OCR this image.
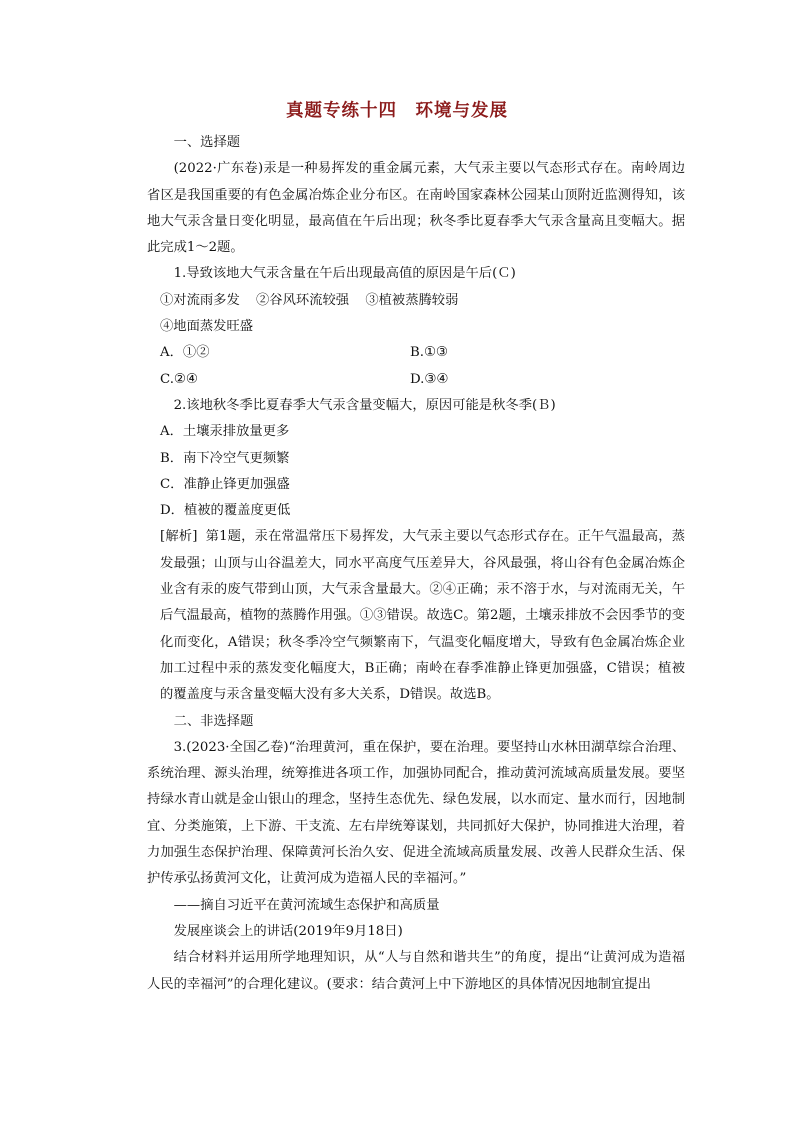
真题专练十四　环境与发展

一、选择题

(2022·广东卷)汞是一种易挥发的重金属元素，大气汞主要以气态形式存在。南岭周边省区是我国重要的有色金属冶炼企业分布区。在南岭国家森林公园某山顶附近监测得知，该地大气汞含量日变化明显，最高值在午后出现；秋冬季比夏春季大气汞含量高且变幅大。据此完成1～2题。

1.导致该地大气汞含量在午后出现最高值的原因是午后(Ｃ)

①对流雨多发 ②谷风环流较强 ③植被蒸腾较弱

④地面蒸发旺盛

A．①②	B.①③

C.②④	D.③④

2.该地秋冬季比夏春季大气汞含量变幅大，原因可能是秋冬季(Ｂ)

A．土壤汞排放量更多

B．南下冷空气更频繁

C．准静止锋更加强盛

D．植被的覆盖度更低

[解析] 第1题，汞在常温常压下易挥发，大气汞主要以气态形式存在。正午气温最高，蒸发最强；山顶与山谷温差大，同水平高度气压差异大，谷风最强，将山谷有色金属冶炼企业含有汞的废气带到山顶，大气汞含量最大。②④正确；汞不溶于水，与对流雨无关，午后气温最高，植物的蒸腾作用强。①③错误。故选C。第2题，土壤汞排放不会因季节的变化而变化，A错误；秋冬季冷空气频繁南下，气温变化幅度增大，导致有色金属冶炼企业加工过程中汞的蒸发变化幅度大，B正确；南岭在春季准静止锋更加强盛，C错误；植被的覆盖度与汞含量变幅大没有多大关系，D错误。故选B。

二、非选择题

3.(2023·全国乙卷)“治理黄河，重在保护，要在治理。要坚持山水林田湖草综合治理、系统治理、源头治理，统筹推进各项工作，加强协同配合，推动黄河流域高质量发展。要坚持绿水青山就是金山银山的理念，坚持生态优先、绿色发展，以水而定、量水而行，因地制宜、分类施策，上下游、干支流、左右岸统筹谋划，共同抓好大保护，协同推进大治理，着力加强生态保护治理、保障黄河长治久安、促进全流域高质量发展、改善人民群众生活、保护传承弘扬黄河文化，让黄河成为造福人民的幸福河。”

——摘自习近平在黄河流域生态保护和高质量

发展座谈会上的讲话(2019年9月18日)

结合材料并运用所学地理知识，从“人与自然和谐共生”的角度，提出“让黄河成为造福人民的幸福河”的合理化建议。(要求：结合黄河上中下游地区的具体情况因地制宜提出
